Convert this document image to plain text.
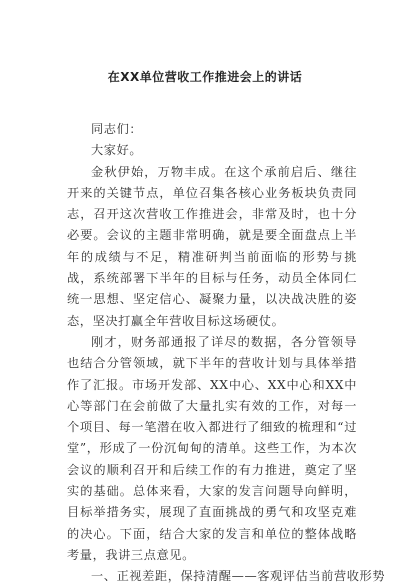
在XX单位营收工作推进会上的讲话

同志们：

大家好。

金秋伊始，万物丰成。在这个承前启后、继往开来的关键节点，单位召集各核心业务板块负责同志，召开这次营收工作推进会，非常及时，也十分必要。会议的主题非常明确，就是要全面盘点上半年的成绩与不足，精准研判当前面临的形势与挑战，系统部署下半年的目标与任务，动员全体同仁统一思想、坚定信心、凝聚力量，以决战决胜的姿态，坚决打赢全年营收目标这场硬仗。

刚才，财务部通报了详尽的数据，各分管领导也结合分管领域，就下半年的营收计划与具体举措作了汇报。市场开发部、XX中心、XX中心和XX中心等部门在会前做了大量扎实有效的工作，对每一个项目、每一笔潜在收入都进行了细致的梳理和“过堂”，形成了一份沉甸甸的清单。这些工作，为本次会议的顺利召开和后续工作的有力推进，奠定了坚实的基础。总体来看，大家的发言问题导向鲜明，目标举措务实，展现了直面挑战的勇气和攻坚克难的决心。下面，结合大家的发言和单位的整体战略考量，我讲三点意见。

一、正视差距，保持清醒——客观评估当前营收形势
